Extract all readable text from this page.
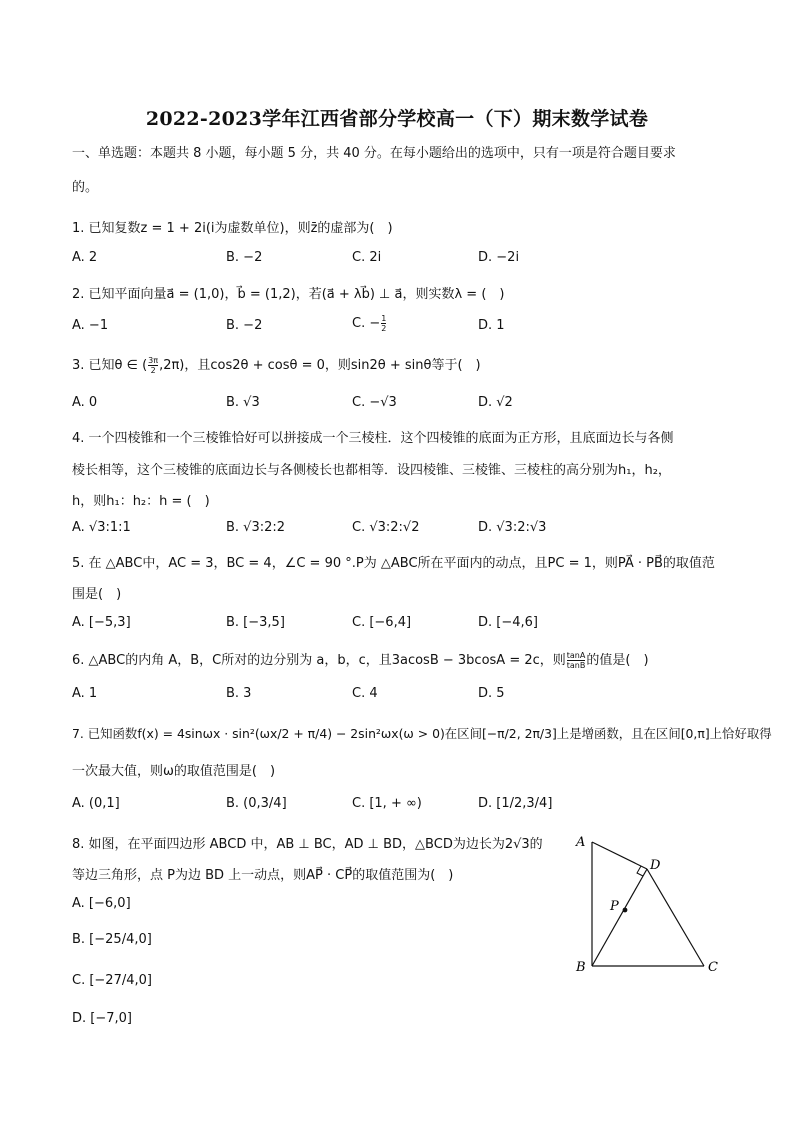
2022-2023学年江西省部分学校高一（下）期末数学试卷
一、单选题：本题共 8 小题，每小题 5 分，共 40 分。在每小题给出的选项中，只有一项是符合题目要求
的。
1. 已知复数z = 1 + 2i(i为虚数单位)，则z̄的虚部为(　)
A. 2	B. −2	C. 2i	D. −2i
2. 已知平面向量a⃗ = (1,0)，b⃗ = (1,2)，若(a⃗ + λb⃗) ⊥ a⃗，则实数λ = (　)
A. −1	B. −2	C. − $\frac{1}{2}$	D. 1
3. 已知θ ∈ ( $\frac{3\pi}{2} ,2\pi$)，且cos2θ + cosθ = 0，则sin2θ + sinθ等于(　)
A. 0	B. √3	C. −√3	D. √2
4. 一个四棱锥和一个三棱锥恰好可以拼接成一个三棱柱．这个四棱锥的底面为正方形，且底面边长与各侧
棱长相等，这个三棱锥的底面边长与各侧棱长也都相等．设四棱锥、三棱锥、三棱柱的高分别为h₁，h₂，
h，则h₁：h₂：h = (　)
A. √3:1:1	B. √3:2:2	C. √3:2:√2	D. √3:2:√3
5. 在 △ABC中，AC = 3，BC = 4，∠C = 90 °.P为 △ABC所在平面内的动点，且PC = 1，则PA⃗ · PB⃗的取值范
围是(　)
A. [−5,3]	B. [−3,5]	C. [−6,4]	D. [−4,6]
6. △ABC的内角 A，B，C所对的边分别为 a，b，c，且3acosB − 3bcosA = 2c，则 $\frac{\tan A}{\tan B}$ 的值是(　)
A. 1	B. 3	C. 4	D. 5
7. 已知函数f(x) = 4sinωx · sin²(ωx/2 + π/4) − 2sin²ωx(ω > 0)在区间[−π/2, 2π/3]上是增函数，且在区间[0,π]上恰好取得
一次最大值，则ω的取值范围是(　)
A. (0,1]	B. (0,3/4]	C. [1, + ∞)	D. [1/2,3/4]
8. 如图，在平面四边形 ABCD 中，AB ⊥ BC，AD ⊥ BD，△BCD为边长为2√3的
等边三角形，点 P为边 BD 上一动点，则AP⃗ · CP⃗的取值范围为(　)
A. [−6,0]
B. [−25/4,0]
C. [−27/4,0]
D. [−7,0]
A
D
P
B	C
